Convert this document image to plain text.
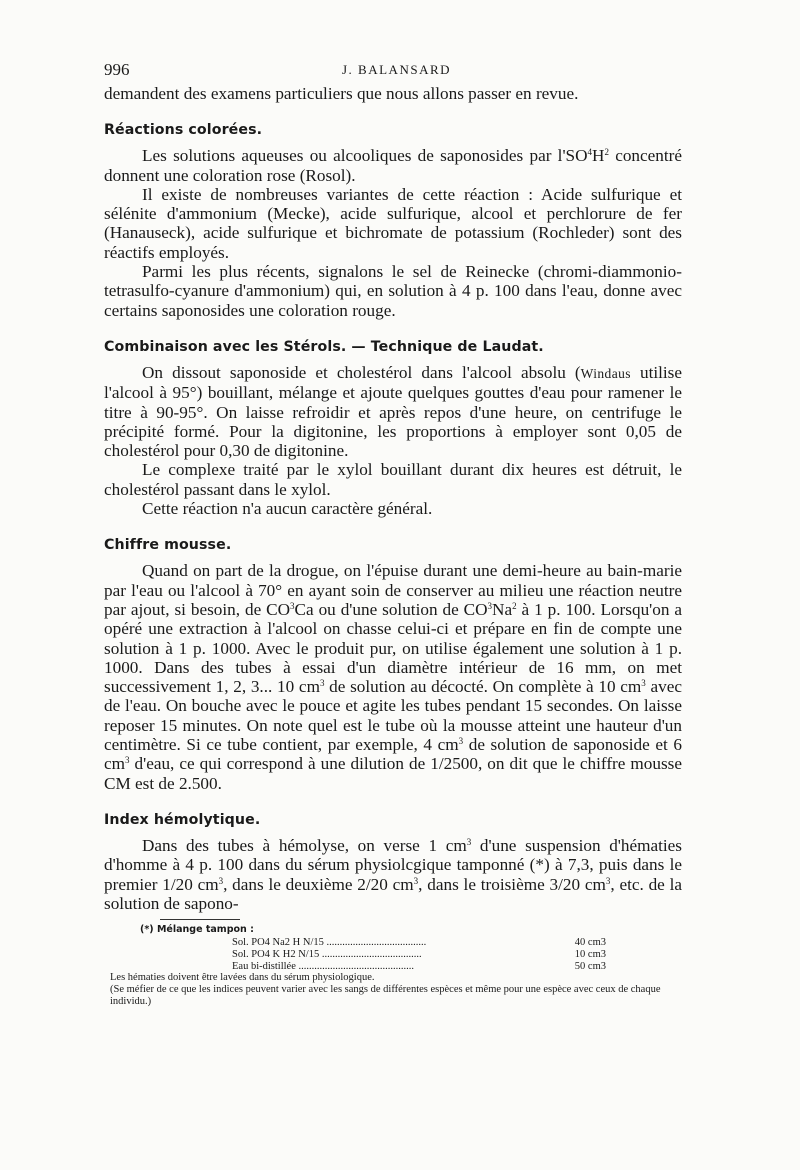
996	J. BALANSARD

demandent des examens particuliers que nous allons passer en revue.

Réactions colorées.

Les solutions aqueuses ou alcooliques de saponosides par $l'SO^4H^2$ concentré donnent une coloration rose (Rosol).

Il existe de nombreuses variantes de cette réaction : Acide sulfurique et sélénite d'ammonium (Mecke), acide sulfurique, alcool et perchlorure de fer (Hanauseck), acide sulfurique et bichromate de potassium (Rochleder) sont des réactifs employés.

Parmi les plus récents, signalons le sel de Reinecke (chromi-diammonio-tetrasulfo-cyanure d'ammonium) qui, en solution à 4 p. 100 dans l'eau, donne avec certains saponosides une coloration rouge.

Combinaison avec les Stérols. — Technique de Laudat.

On dissout saponoside et cholestérol dans l'alcool absolu (Windaus utilise l'alcool à 95°) bouillant, mélange et ajoute quelques gouttes d'eau pour ramener le titre à 90-95°. On laisse refroidir et après repos d'une heure, on centrifuge le précipité formé. Pour la digitonine, les proportions à employer sont 0,05 de cholestérol pour 0,30 de digitonine.

Le complexe traité par le xylol bouillant durant dix heures est détruit, le cholestérol passant dans le xylol.

Cette réaction n'a aucun caractère général.

Chiffre mousse.

Quand on part de la drogue, on l'épuise durant une demi-heure au bain-marie par l'eau ou l'alcool à 70° en ayant soin de conserver au milieu une réaction neutre par ajout, si besoin, de $CO^3Ca$ ou d'une solution de $CO^3Na^2$ à 1 p. 100. Lorsqu'on a opéré une extraction à l'alcool on chasse celui-ci et prépare en fin de compte une solution à 1 p. 1000. Avec le produit pur, on utilise également une solution à 1 p. 1000. Dans des tubes à essai d'un diamètre intérieur de 16 mm, on met successivement 1, 2, 3... 10 $cm^3$ de solution au décocté. On complète à 10 $cm^3$ avec de l'eau. On bouche avec le pouce et agite les tubes pendant 15 secondes. On laisse reposer 15 minutes. On note quel est le tube où la mousse atteint une hauteur d'un centimètre. Si ce tube contient, par exemple, 4 $cm^3$ de solution de saponoside et 6 $cm^3$ d'eau, ce qui correspond à une dilution de 1/2500, on dit que le chiffre mousse CM est de 2.500.

Index hémolytique.

Dans des tubes à hémolyse, on verse 1 $cm^3$ d'une suspension d'hématies d'homme à 4 p. 100 dans du sérum physiolcgique tamponné (*) à 7,3, puis dans le premier 1/20 $cm^3$, dans le deuxième 2/20 $cm^3$, dans le troisième 3/20 $cm^3$, etc. de la solution de sapono-

(*) Mélange tampon :
Sol. PO4 Na2 H N/15 ......................................	40 cm3
Sol. PO4 K H2 N/15 ......................................	10 cm3
Eau bi-distillée ............................................	50 cm3
Les hématies doivent être lavées dans du sérum physiologique.
(Se méfier de ce que les indices peuvent varier avec les sangs de différentes espèces et même pour une espèce avec ceux de chaque individu.)
